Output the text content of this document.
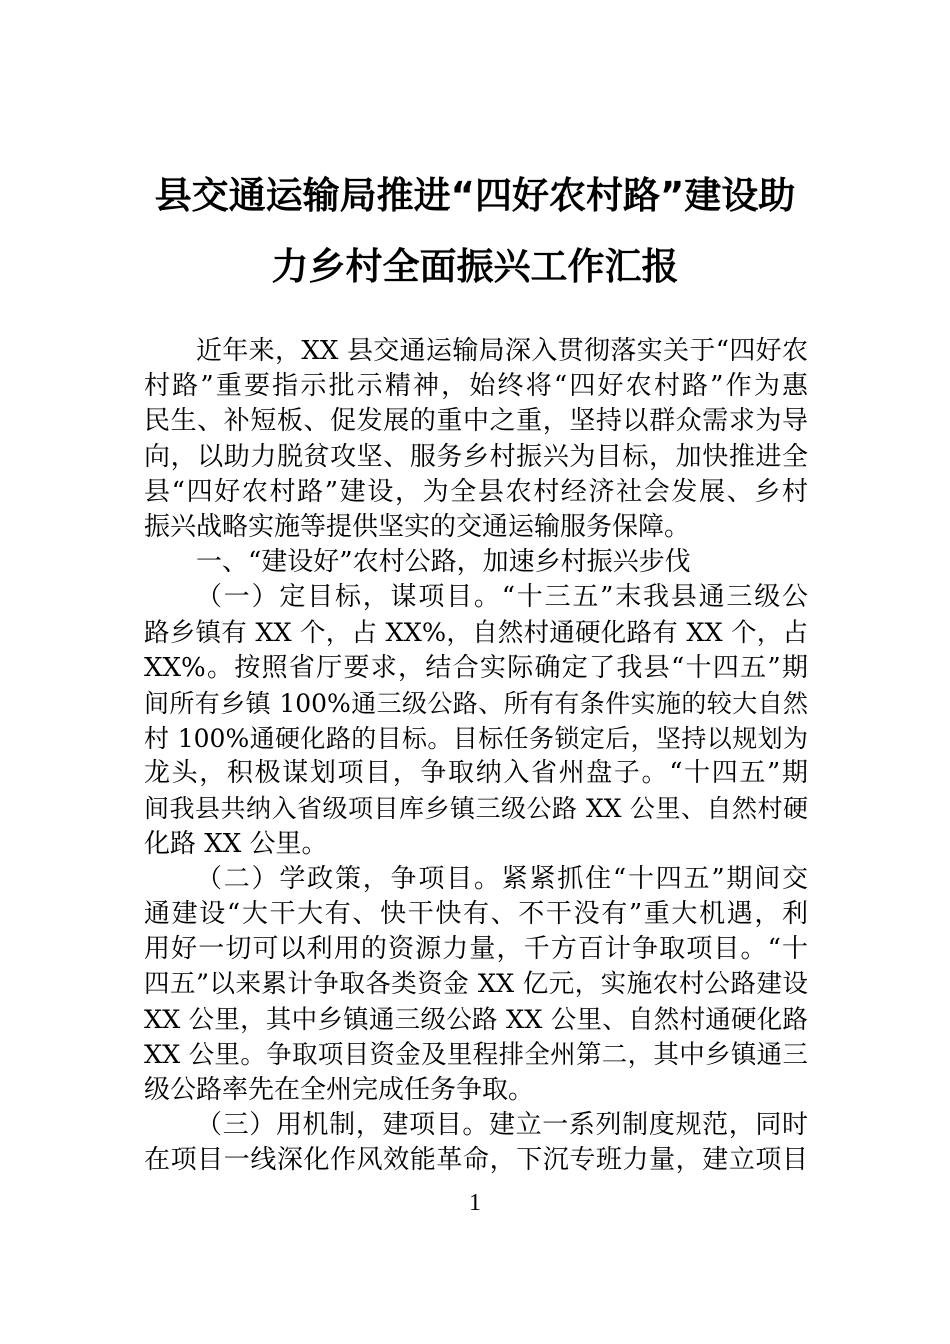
县交通运输局推进“四好农村路”建设助
力乡村全面振兴工作汇报
近年来，XX 县交通运输局深入贯彻落实关于“四好农
村路”重要指示批示精神，始终将“四好农村路”作为惠
民生、补短板、促发展的重中之重，坚持以群众需求为导
向，以助力脱贫攻坚、服务乡村振兴为目标，加快推进全
县“四好农村路”建设，为全县农村经济社会发展、乡村
振兴战略实施等提供坚实的交通运输服务保障。
一、“建设好”农村公路，加速乡村振兴步伐
（一）定目标，谋项目。“十三五”末我县通三级公
路乡镇有 XX 个，占 XX%，自然村通硬化路有 XX 个，占
XX%。按照省厅要求，结合实际确定了我县“十四五”期
间所有乡镇 100%通三级公路、所有有条件实施的较大自然
村 100%通硬化路的目标。目标任务锁定后，坚持以规划为
龙头，积极谋划项目，争取纳入省州盘子。“十四五”期
间我县共纳入省级项目库乡镇三级公路 XX 公里、自然村硬
化路 XX 公里。
（二）学政策，争项目。紧紧抓住“十四五”期间交
通建设“大干大有、快干快有、不干没有”重大机遇，利
用好一切可以利用的资源力量，千方百计争取项目。“十
四五”以来累计争取各类资金 XX 亿元，实施农村公路建设
XX 公里，其中乡镇通三级公路 XX 公里、自然村通硬化路
XX 公里。争取项目资金及里程排全州第二，其中乡镇通三
级公路率先在全州完成任务争取。
（三）用机制，建项目。建立一系列制度规范，同时
在项目一线深化作风效能革命，下沉专班力量，建立项目
1
